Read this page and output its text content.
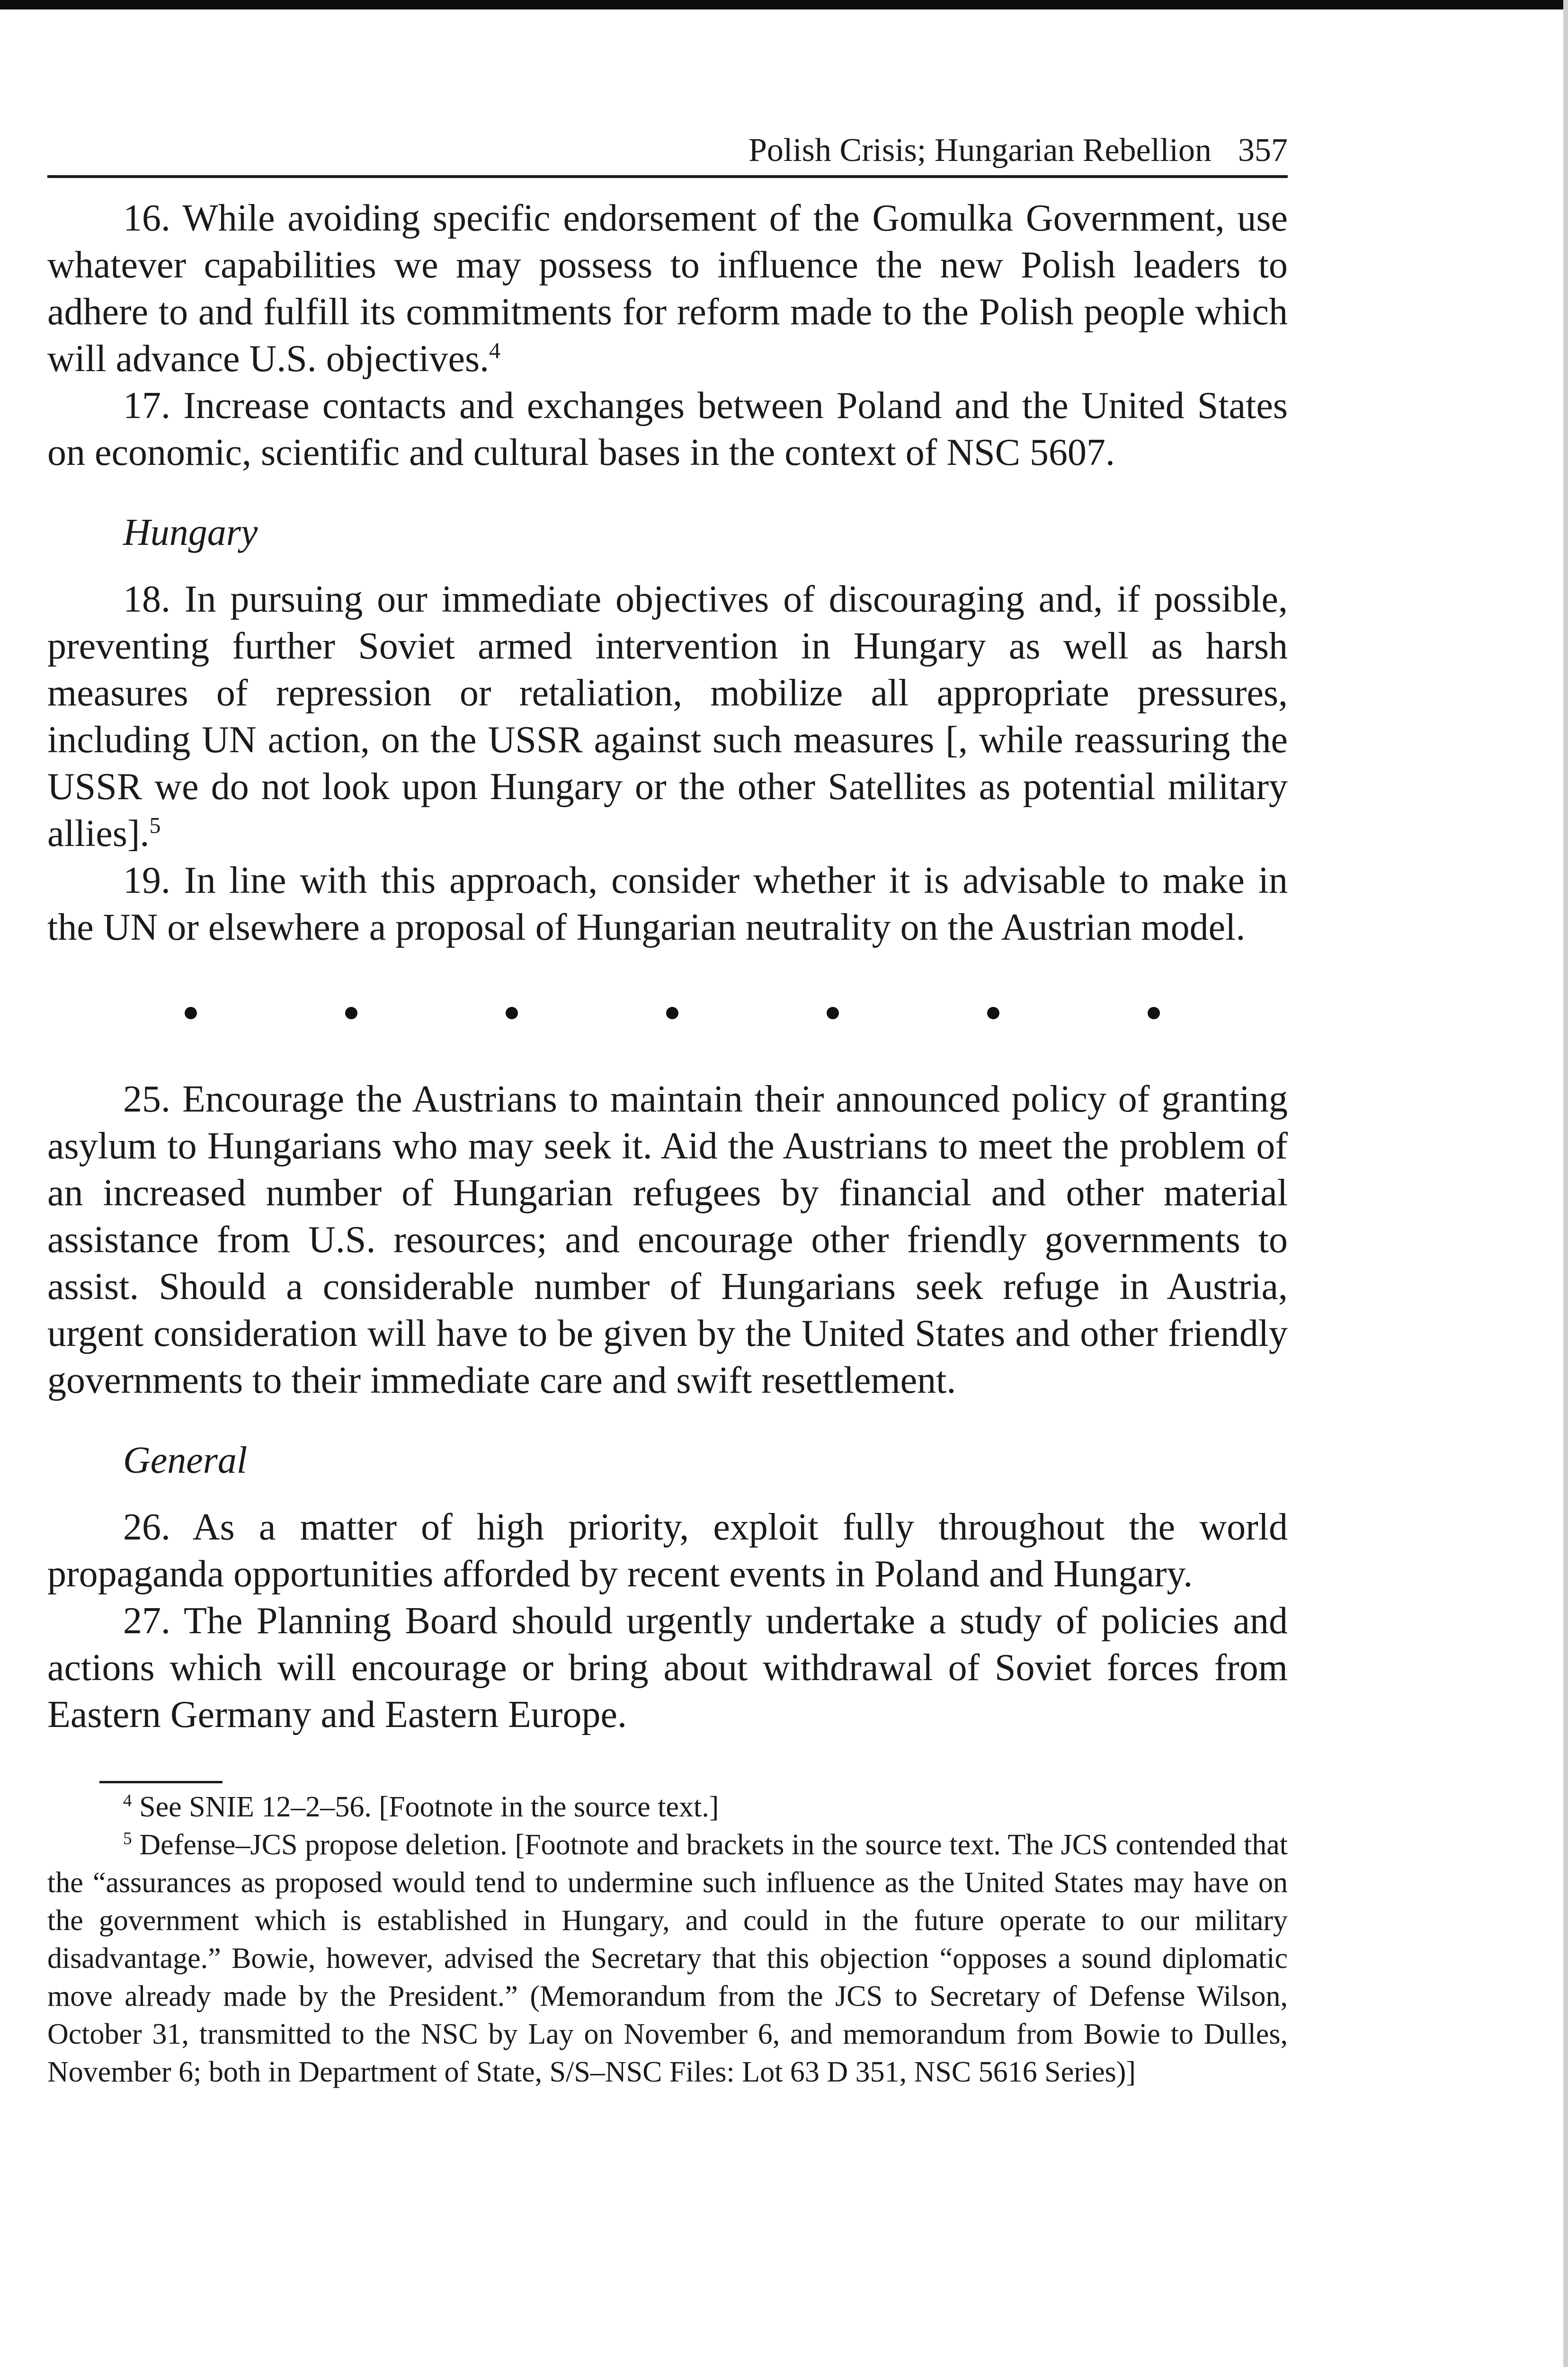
Polish Crisis; Hungarian Rebellion 357

16. While avoiding specific endorsement of the Gomulka Government, use whatever capabilities we may possess to influence the new Polish leaders to adhere to and fulfill its commitments for reform made to the Polish people which will advance U.S. objectives.$^4$

17. Increase contacts and exchanges between Poland and the United States on economic, scientific and cultural bases in the context of NSC 5607.

Hungary

18. In pursuing our immediate objectives of discouraging and, if possible, preventing further Soviet armed intervention in Hungary as well as harsh measures of repression or retaliation, mobilize all appropriate pressures, including UN action, on the USSR against such measures [, while reassuring the USSR we do not look upon Hungary or the other Satellites as potential military allies].$^5$

19. In line with this approach, consider whether it is advisable to make in the UN or elsewhere a proposal of Hungarian neutrality on the Austrian model.

25. Encourage the Austrians to maintain their announced policy of granting asylum to Hungarians who may seek it. Aid the Austrians to meet the problem of an increased number of Hungarian refugees by financial and other material assistance from U.S. resources; and encourage other friendly governments to assist. Should a considerable number of Hungarians seek refuge in Austria, urgent consideration will have to be given by the United States and other friendly governments to their immediate care and swift resettlement.

General

26. As a matter of high priority, exploit fully throughout the world propaganda opportunities afforded by recent events in Poland and Hungary.

27. The Planning Board should urgently undertake a study of policies and actions which will encourage or bring about withdrawal of Soviet forces from Eastern Germany and Eastern Europe.

$^4$ See SNIE 12–2–56. [Footnote in the source text.]

$^5$ Defense–JCS propose deletion. [Footnote and brackets in the source text. The JCS contended that the “assurances as proposed would tend to undermine such influence as the United States may have on the government which is established in Hungary, and could in the future operate to our military disadvantage.” Bowie, however, advised the Secretary that this objection “opposes a sound diplomatic move already made by the President.” (Memorandum from the JCS to Secretary of Defense Wilson, October 31, transmitted to the NSC by Lay on November 6, and memorandum from Bowie to Dulles, November 6; both in Department of State, S/S–NSC Files: Lot 63 D 351, NSC 5616 Series)]
